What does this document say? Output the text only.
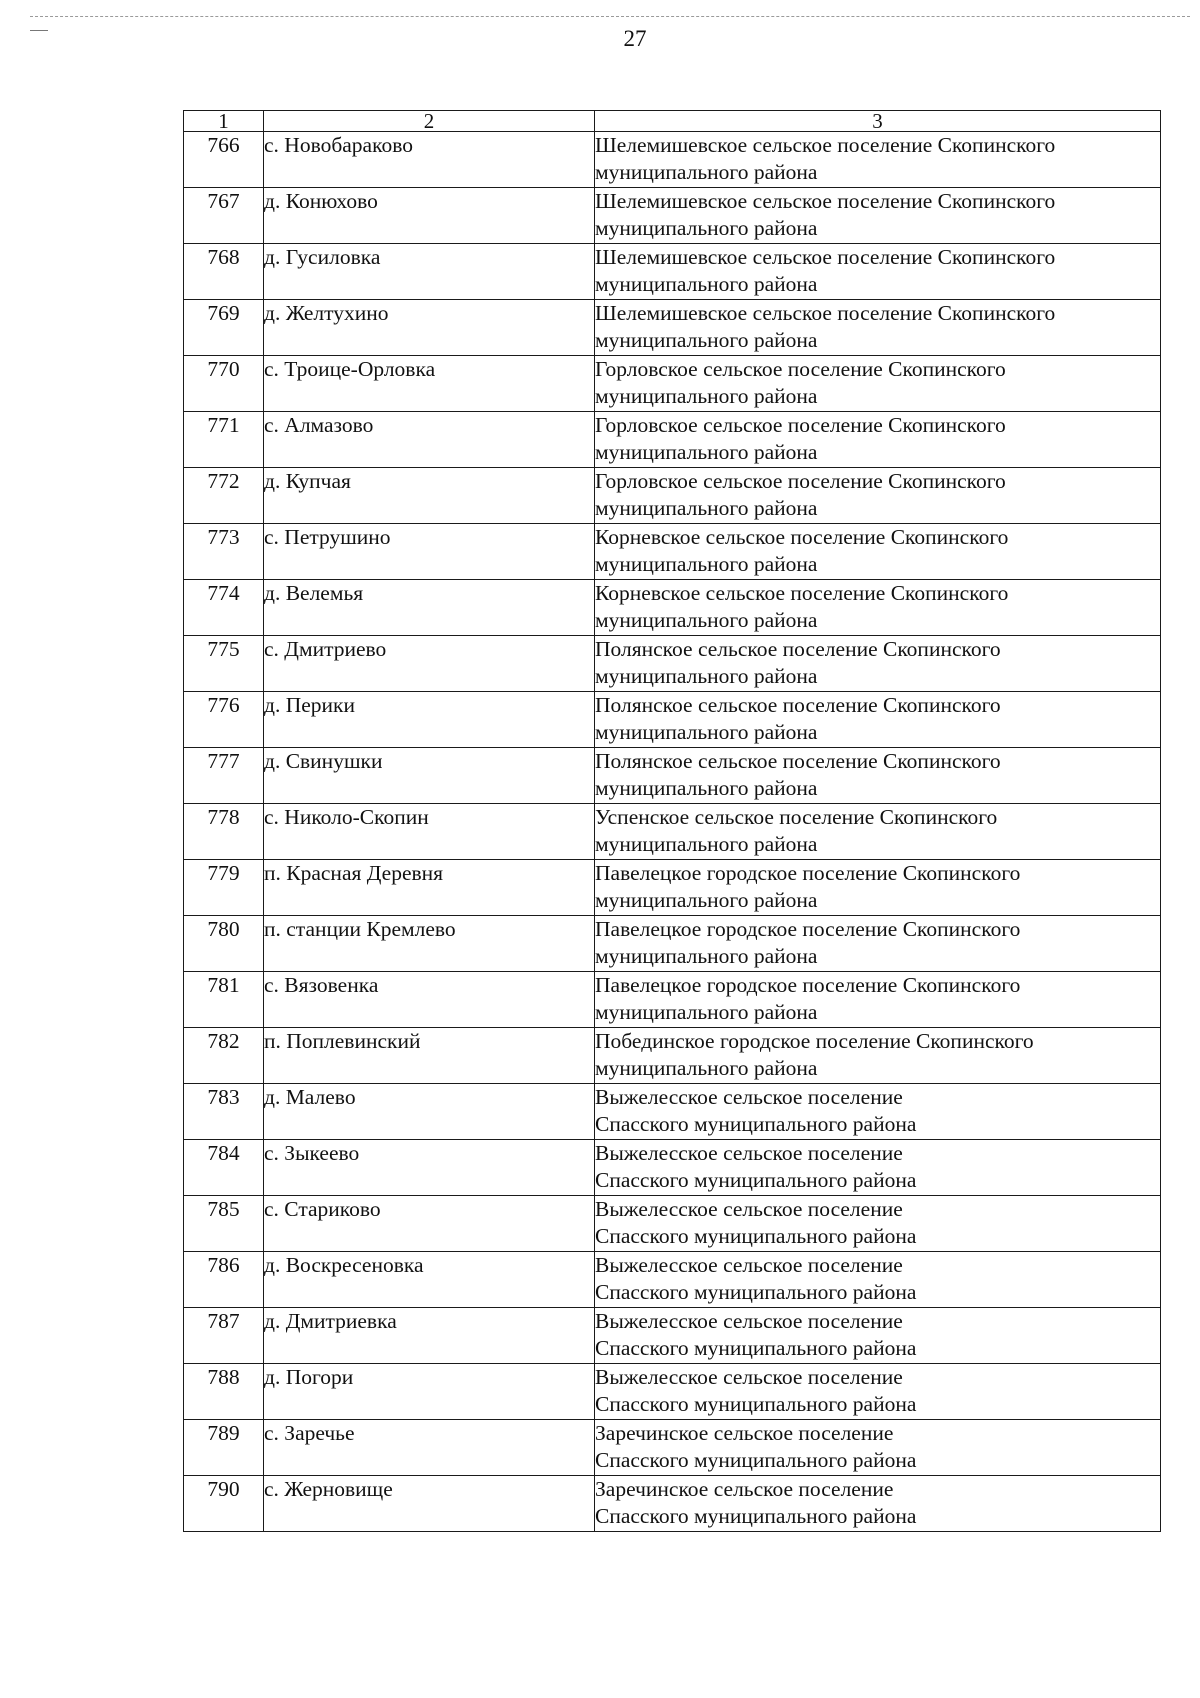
27
1	2	3
766	с. Новобараково	Шелемишевское сельское поселение Скопинского
муниципального района

767	д. Конюхово	Шелемишевское сельское поселение Скопинского
муниципального района

768	д. Гусиловка	Шелемишевское сельское поселение Скопинского
муниципального района

769	д. Желтухино	Шелемишевское сельское поселение Скопинского
муниципального района

770	с. Троице-Орловка	Горловское сельское поселение Скопинского
муниципального района

771	с. Алмазово	Горловское сельское поселение Скопинского
муниципального района

772	д. Купчая	Горловское сельское поселение Скопинского
муниципального района

773	с. Петрушино	Корневское сельское поселение Скопинского
муниципального района

774	д. Велемья	Корневское сельское поселение Скопинского
муниципального района

775	с. Дмитриево	Полянское сельское поселение Скопинского
муниципального района

776	д. Перики	Полянское сельское поселение Скопинского
муниципального района

777	д. Свинушки	Полянское сельское поселение Скопинского
муниципального района

778	с. Николо-Скопин	Успенское сельское поселение Скопинского
муниципального района

779	п. Красная Деревня	Павелецкое городское поселение Скопинского
муниципального района

780	п. станции Кремлево	Павелецкое городское поселение Скопинского
муниципального района

781	с. Вязовенка	Павелецкое городское поселение Скопинского
муниципального района

782	п. Поплевинский	Побединское городское поселение Скопинского
муниципального района

783	д. Малево	Выжелесское сельское поселение
Спасского муниципального района

784	с. Зыкеево	Выжелесское сельское поселение
Спасского муниципального района

785	с. Стариково	Выжелесское сельское поселение
Спасского муниципального района

786	д. Воскресеновка	Выжелесское сельское поселение
Спасского муниципального района

787	д. Дмитриевка	Выжелесское сельское поселение
Спасского муниципального района

788	д. Погори	Выжелесское сельское поселение
Спасского муниципального района

789	с. Заречье	Заречинское сельское поселение
Спасского муниципального района

790	с. Жерновище	Заречинское сельское поселение
Спасского муниципального района
